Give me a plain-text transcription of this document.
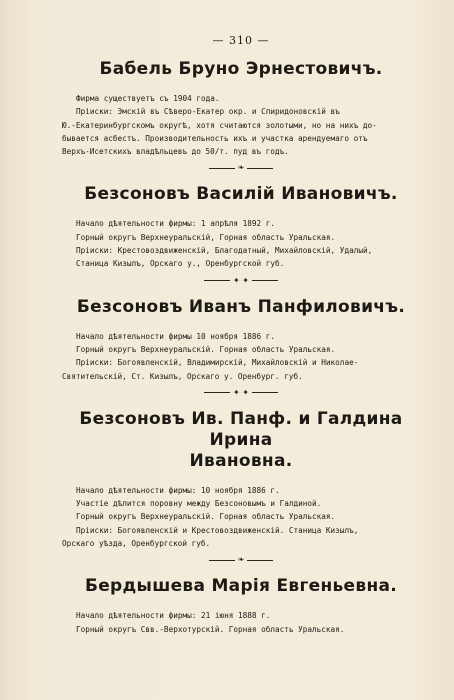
— 310 —
Бабель Бруно Эрнестовичъ.
Фирма существуетъ съ 1904 года.
Прiиски: Эмскiй въ Сѣверо-Екатер окр. и Спиридоновскiй въ
Ю.-Екатеринбургскомъ округѣ, хотя считаются золотыми, но на нихъ до-
бывается асбестъ. Производительность ихъ и участка арендуемаго отъ
Верхъ-Исетскихъ владѣльцевъ до 50/т. пуд въ годъ.
❧
Безсоновъ Василiй Ивановичъ.
Начало дѣятельности фирмы: 1 апрѣля 1892 г.
Горный округъ Верхнеуральскiй, Горная область Уральская.
Прiиски: Крестовоздвиженскiй, Благодатный, Михайловскiй, Удалый,
Станица Кизылъ, Орскаго у., Оренбургской губ.
✦ ✦
Безсоновъ Иванъ Панфиловичъ.
Начало дѣятельности фирмы 10 ноября 1886 г.
Горный округъ Верхнеуральскiй. Горная область Уральская.
Прiиски: Богоявленскiй, Владимирскiй, Михайловскiй и Николае-
Святительскiй, Ст. Кизылъ, Орскаго у. Оренбург. губ.
✦ ✦
Безсоновъ Ив. Панф. и Галдина Ирина
Ивановна.
Начало дѣятельности фирмы: 10 ноября 1886 г.
Участiе дѣлится поровну между Безсоновымъ и Галдиной.
Горный округъ Верхнеуральскiй. Горная область Уральская.
Прiиски: Богоявленскiй и Крестовоздвиженскiй. Станица Кизылъ,
Орскаго уѣзда, Оренбургской губ.
❧
Бердышева Марiя Евгеньевна.
Начало дѣятельности фирмы: 21 iюня 1888 г.
Горный округъ Свв.-Верхотурскiй. Горная область Уральская.
